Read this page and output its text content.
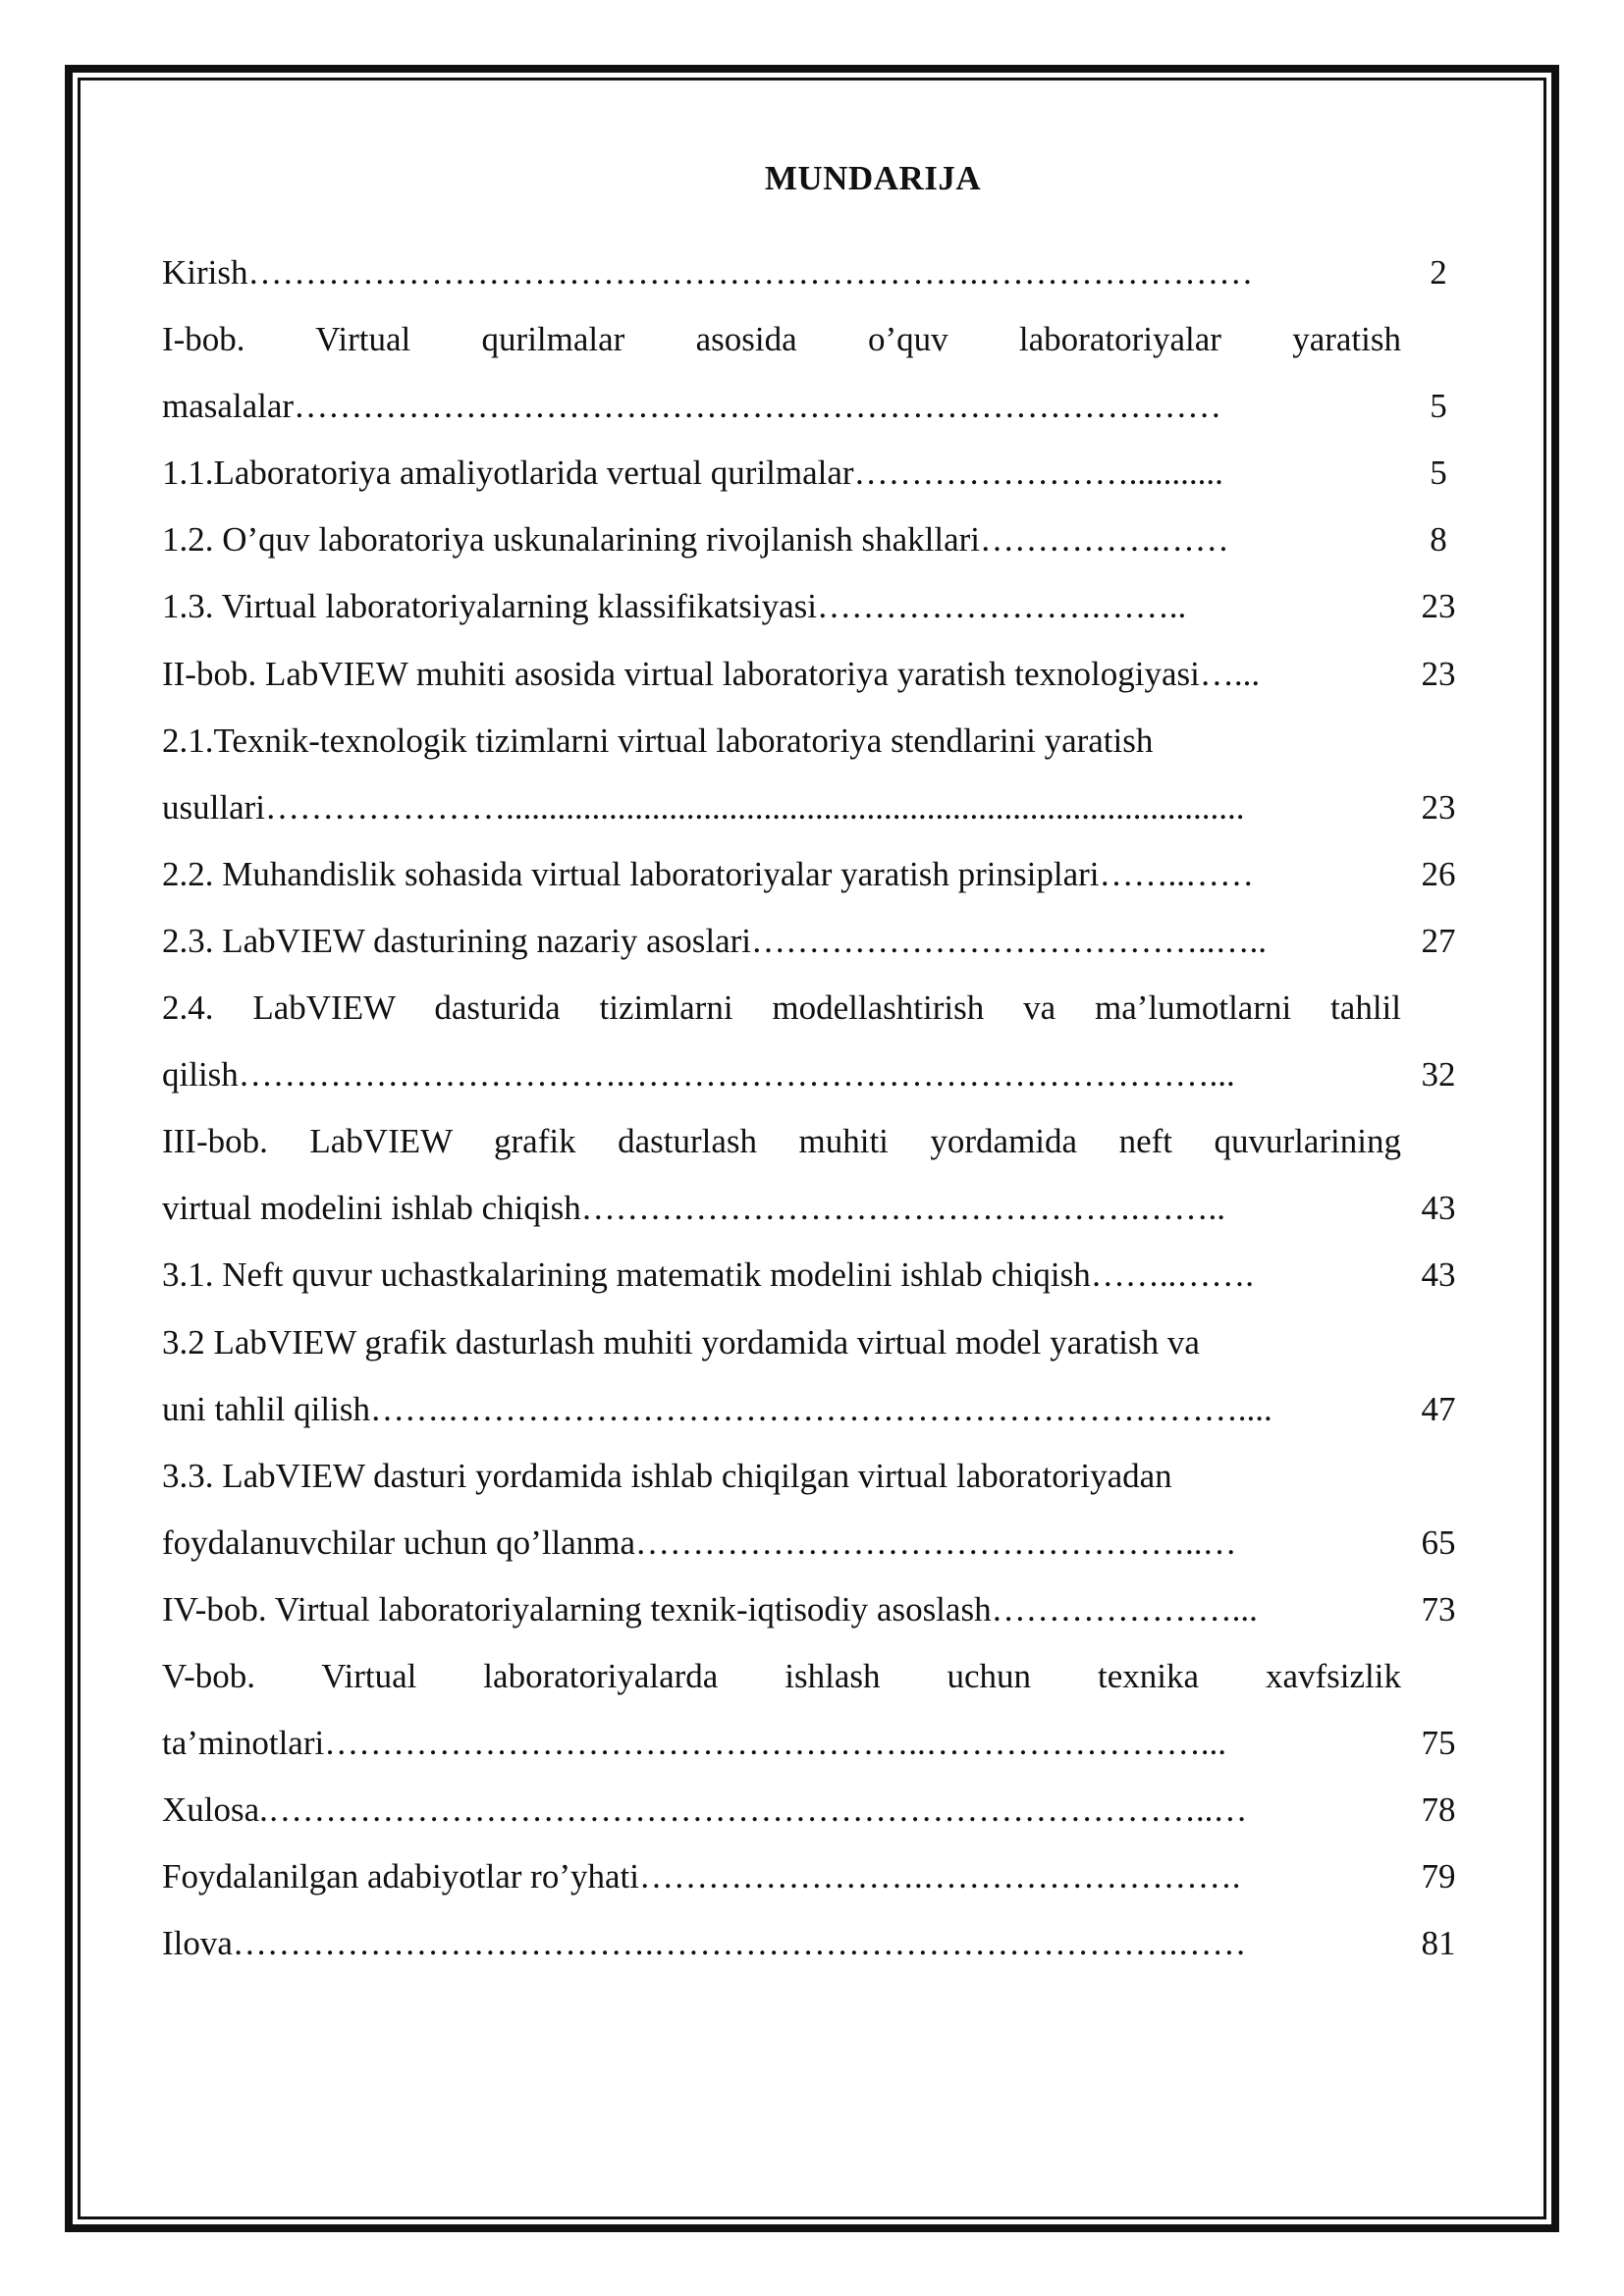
MUNDARIJA
Kirish……………………………………………………….……………………	2
I-bob. Virtual qurilmalar asosida o’quv laboratoriyalar yaratish
masalalar………………………………………………………………………	5
1.1.Laboratoriya amaliyotlarida vertual qurilmalar……………………...........	5
1.2. O’quv laboratoriya uskunalarining rivojlanish shakllari…………….……	8
1.3. Virtual laboratoriyalarning klassifikatsiyasi…………………….……..	23
II-bob. LabVIEW muhiti asosida virtual laboratoriya yaratish texnologiyasi…...	23
2.1.Texnik-texnologik tizimlarni virtual laboratoriya stendlarini yaratish
usullari…………………......................................................................................	23
2.2. Muhandislik sohasida virtual laboratoriyalar yaratish prinsiplari……..……	26
2.3. LabVIEW dasturining nazariy asoslari…………………………………..…..	27
2.4. LabVIEW dasturida tizimlarni modellashtirish va ma’lumotlarni tahlil
qilish…………………………….……………………………………………...	32
III-bob. LabVIEW grafik dasturlash muhiti yordamida neft quvurlarining
virtual modelini ishlab chiqish………………………………………….……..	43
3.1. Neft quvur uchastkalarining matematik modelini ishlab chiqish……..…….	43
3.2 LabVIEW grafik dasturlash muhiti yordamida virtual model yaratish va
uni tahlil qilish…….……………………………………………………………....	47
3.3. LabVIEW dasturi yordamida ishlab chiqilgan virtual laboratoriyadan
foydalanuvchilar uchun qo’llanma…………………………………………..…	65
IV-bob. Virtual laboratoriyalarning texnik-iqtisodiy asoslash…………………...	73
V-bob. Virtual laboratoriyalarda ishlash uchun texnika xavfsizlik
ta’minotlari……………………………………………..……………………...	75
Xulosa.………………………………………………………………………..…	78
Foydalanilgan adabiyotlar ro’yhati…………………….……………………….	79
Ilova……………………………….……………………………………….……	81
